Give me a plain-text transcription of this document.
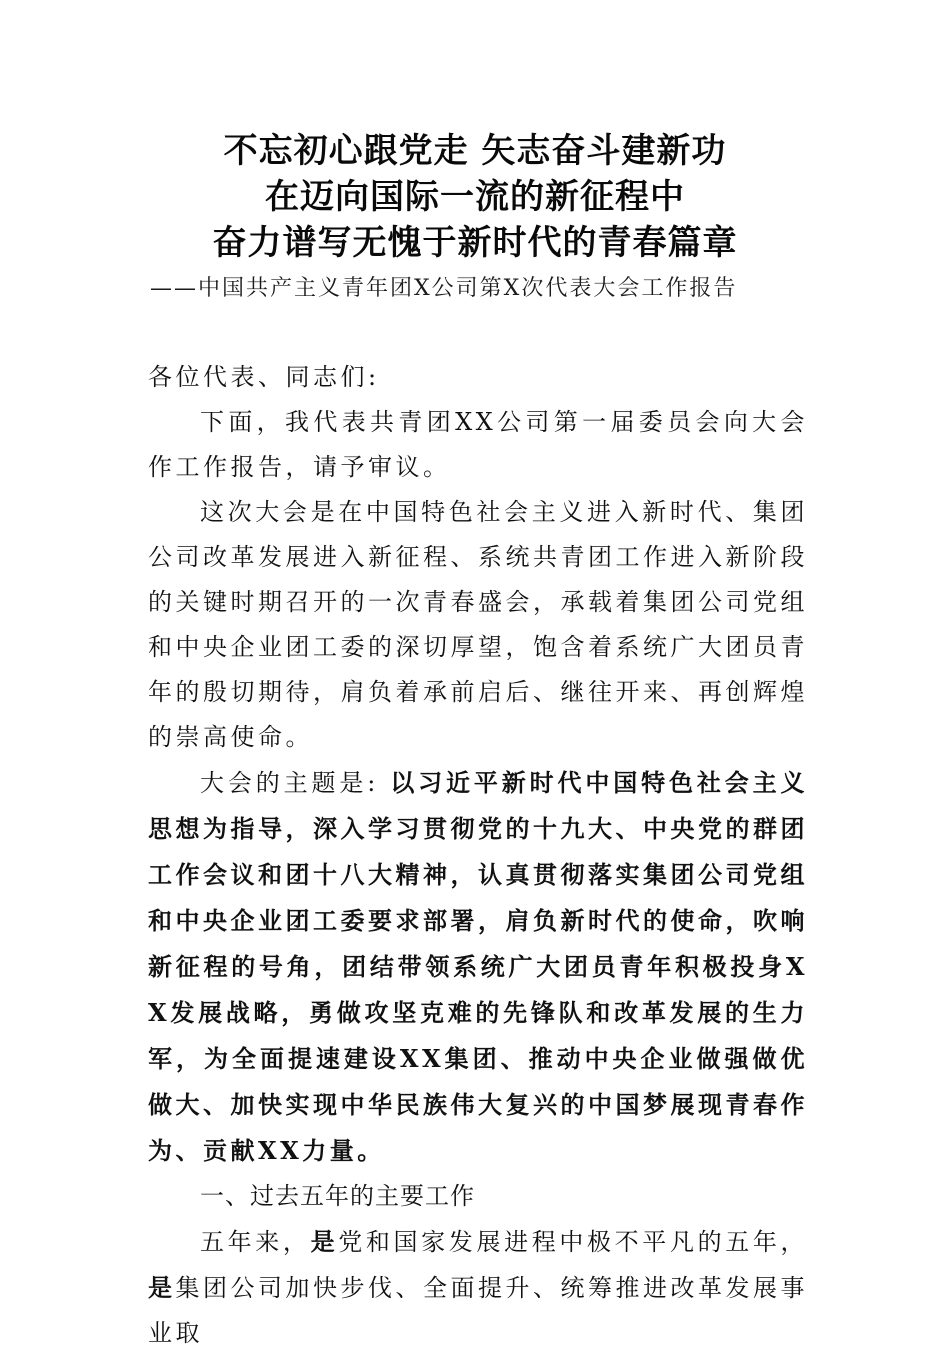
不忘初心跟党走 矢志奋斗建新功
在迈向国际一流的新征程中
奋力谱写无愧于新时代的青春篇章
——中国共产主义青年团X公司第X次代表大会工作报告

各位代表、同志们:

下面，我代表共青团XX公司第一届委员会向大会作工作报告，请予审议。

这次大会是在中国特色社会主义进入新时代、集团公司改革发展进入新征程、系统共青团工作进入新阶段的关键时期召开的一次青春盛会，承载着集团公司党组和中央企业团工委的深切厚望，饱含着系统广大团员青年的殷切期待，肩负着承前启后、继往开来、再创辉煌的崇高使命。

大会的主题是: 以习近平新时代中国特色社会主义思想为指导，深入学习贯彻党的十九大、中央党的群团工作会议和团十八大精神，认真贯彻落实集团公司党组和中央企业团工委要求部署，肩负新时代的使命，吹响新征程的号角，团结带领系统广大团员青年积极投身XX发展战略，勇做攻坚克难的先锋队和改革发展的生力军，为全面提速建设XX集团、推动中央企业做强做优做大、加快实现中华民族伟大复兴的中国梦展现青春作为、贡献XX力量。

一、过去五年的主要工作

五年来，是党和国家发展进程中极不平凡的五年，是集团公司加快步伐、全面提升、统筹推进改革发展事业取
